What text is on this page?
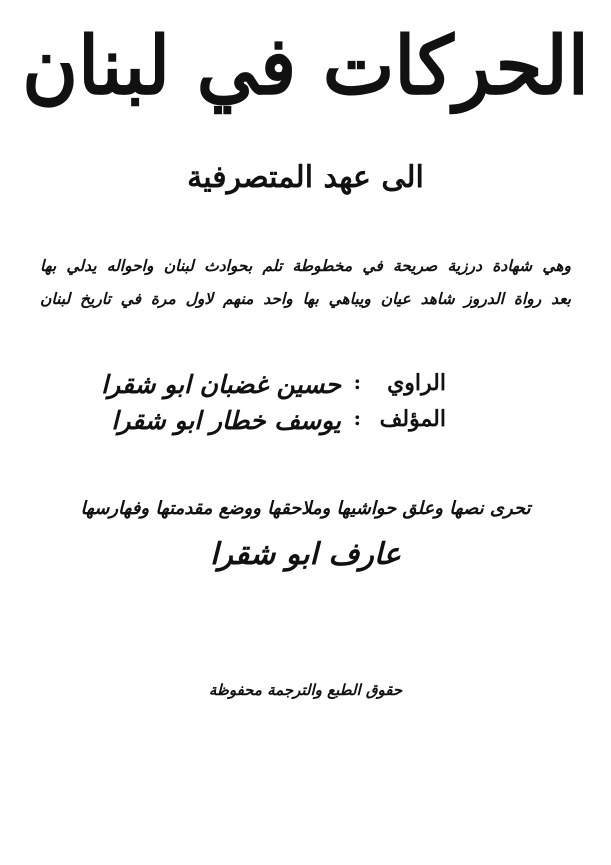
الحركات في لبنان
الى عهد المتصرفية
وهي شهادة درزية صريحة في مخطوطة تلم بحوادث لبنان واحواله يدلي بها
بعد رواة الدروز شاهد عيان ويباهي بها واحد منهم لاول مرة في تاريخ لبنان
الراوي
:
حسين غضبان ابو شقرا
المؤلف
:
يوسف خطار ابو شقرا
تحرى نصها وعلق حواشيها وملاحقها ووضع مقدمتها وفهارسها
عارف ابو شقرا
حقوق الطبع والترجمة محفوظة
